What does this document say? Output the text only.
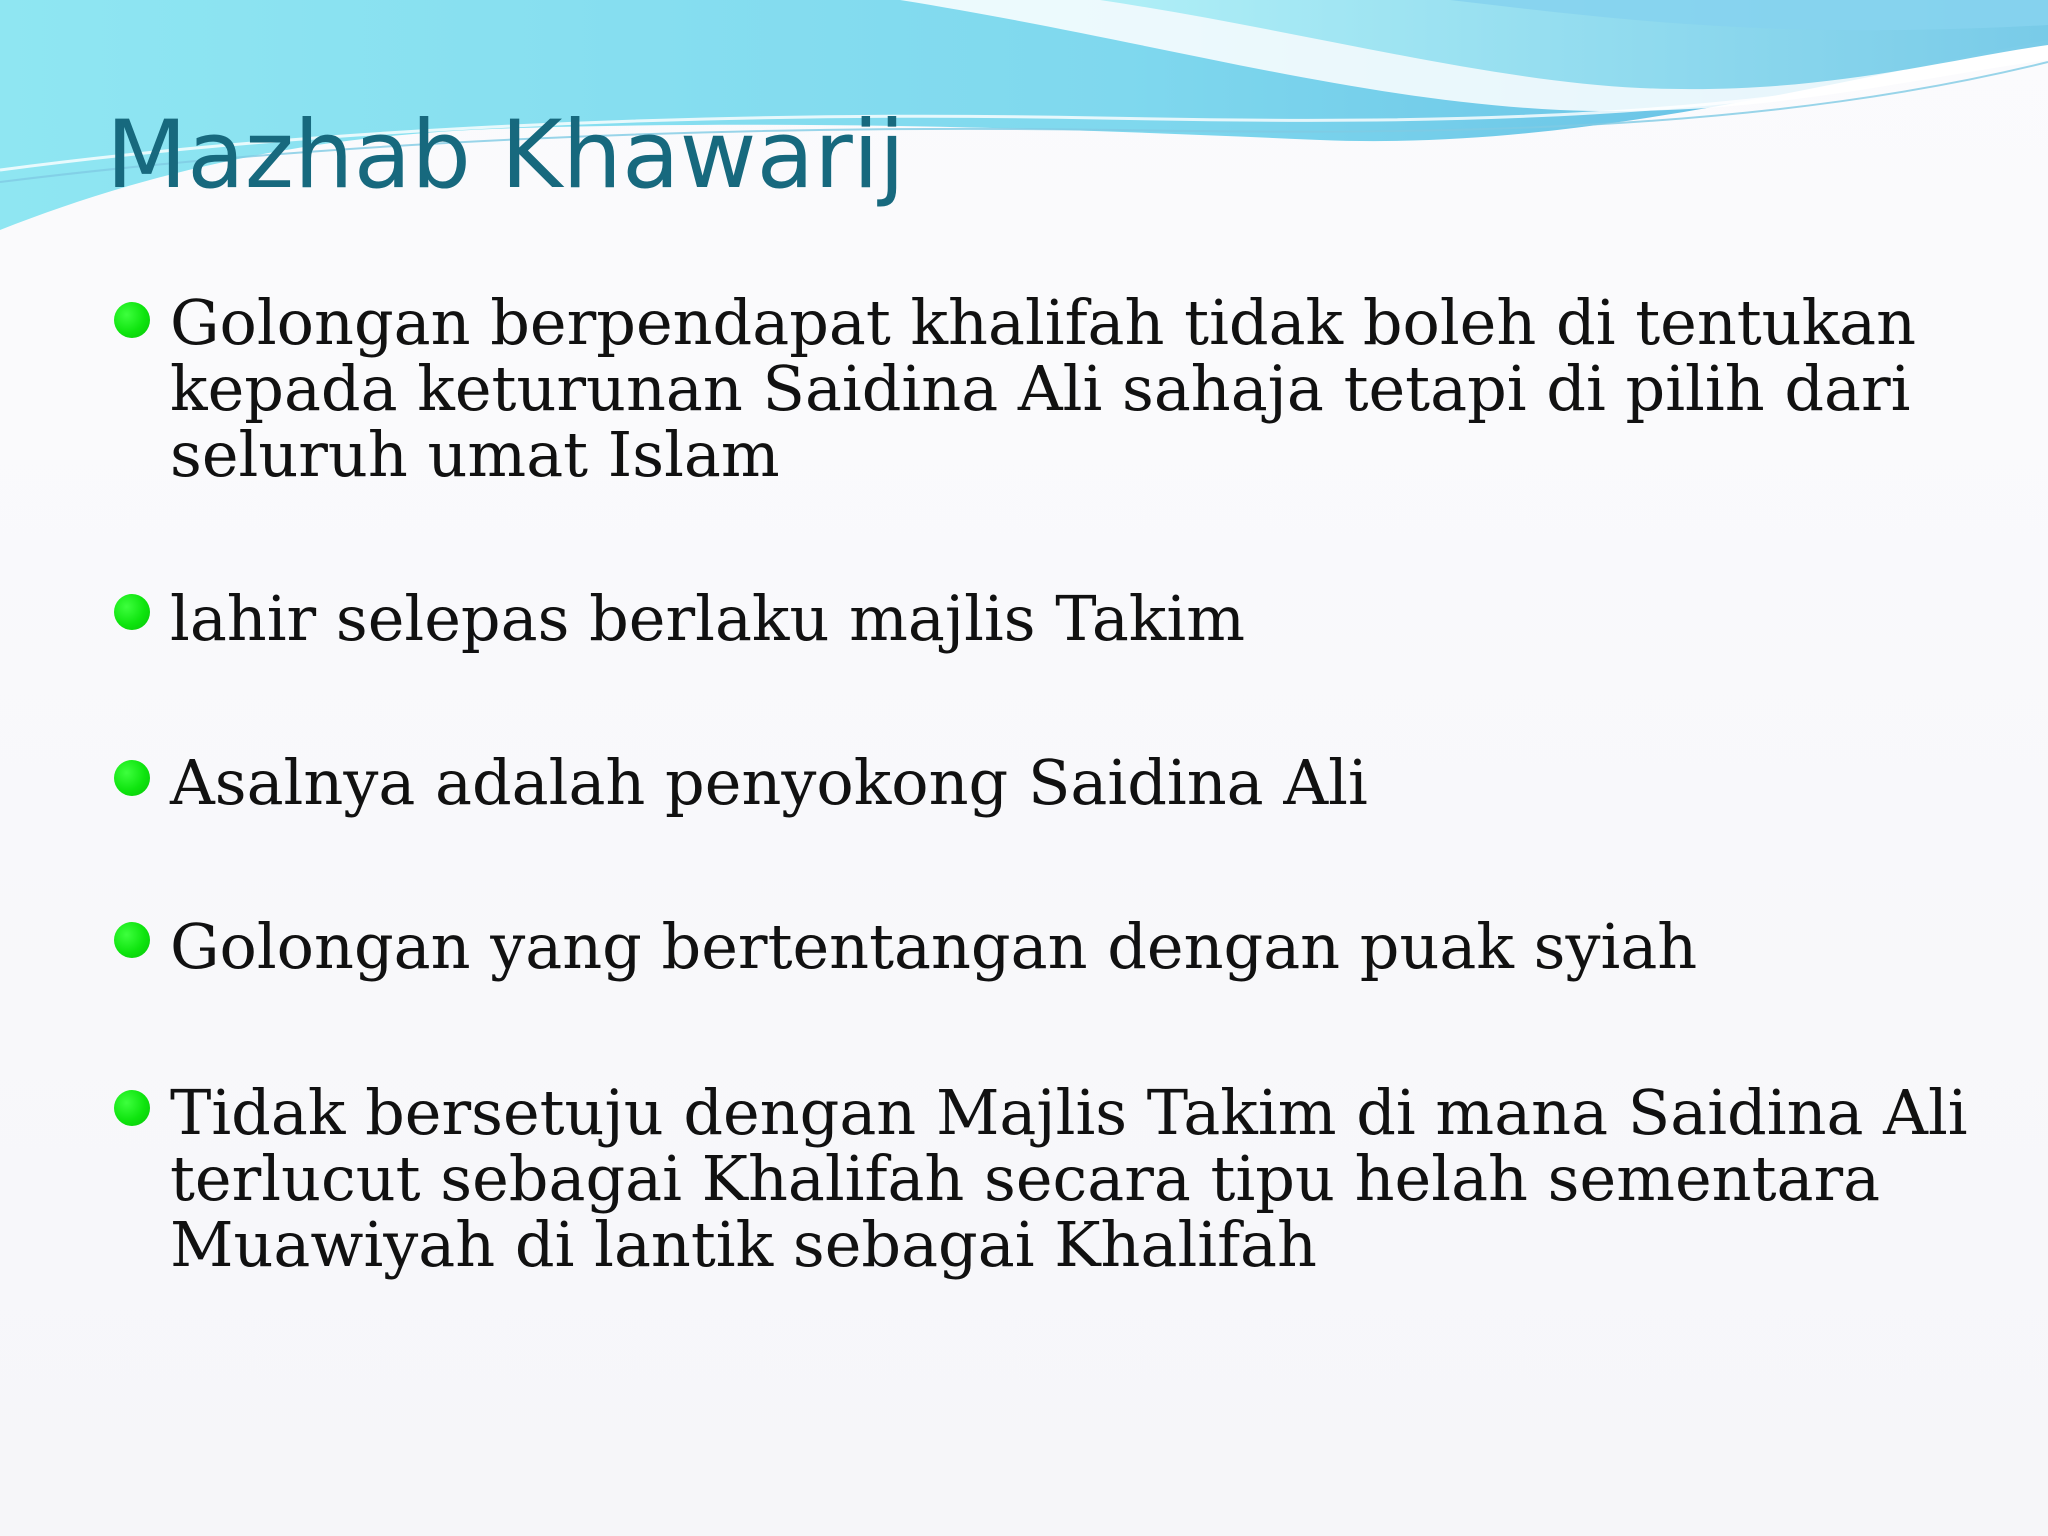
Mazhab Khawarij
Golongan berpendapat khalifah tidak boleh di tentukan kepada keturunan Saidina Ali sahaja tetapi di pilih dari seluruh umat Islam
lahir selepas berlaku majlis Takim
Asalnya adalah penyokong Saidina Ali
Golongan yang bertentangan dengan puak syiah
Tidak bersetuju dengan Majlis Takim di mana Saidina Ali terlucut sebagai Khalifah secara tipu helah sementara Muawiyah di lantik sebagai Khalifah
